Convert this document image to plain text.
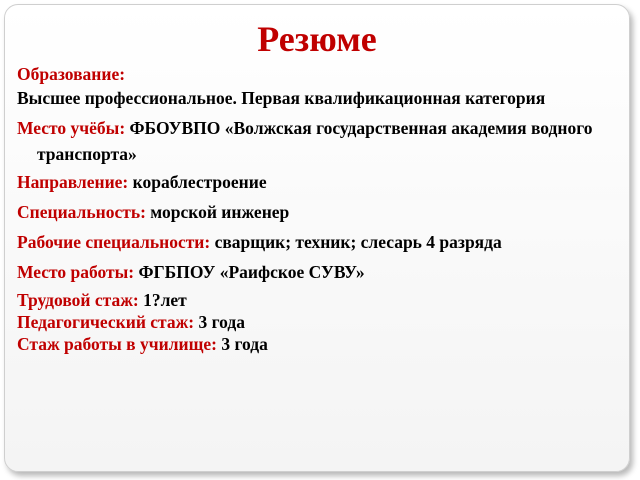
Резюме
Образование:
Высшее профессиональное. Первая квалификационная категория
Место учёбы: ФБОУВПО «Волжская государственная академия водного транспорта»
Направление: кораблестроение
Специальность: морской инженер
Рабочие специальности: сварщик; техник; слесарь 4 разряда
Место работы: ФГБПОУ «Раифское СУВУ»
Трудовой стаж: 1?лет
Педагогический стаж: 3 года
Стаж работы в училище: 3 года
